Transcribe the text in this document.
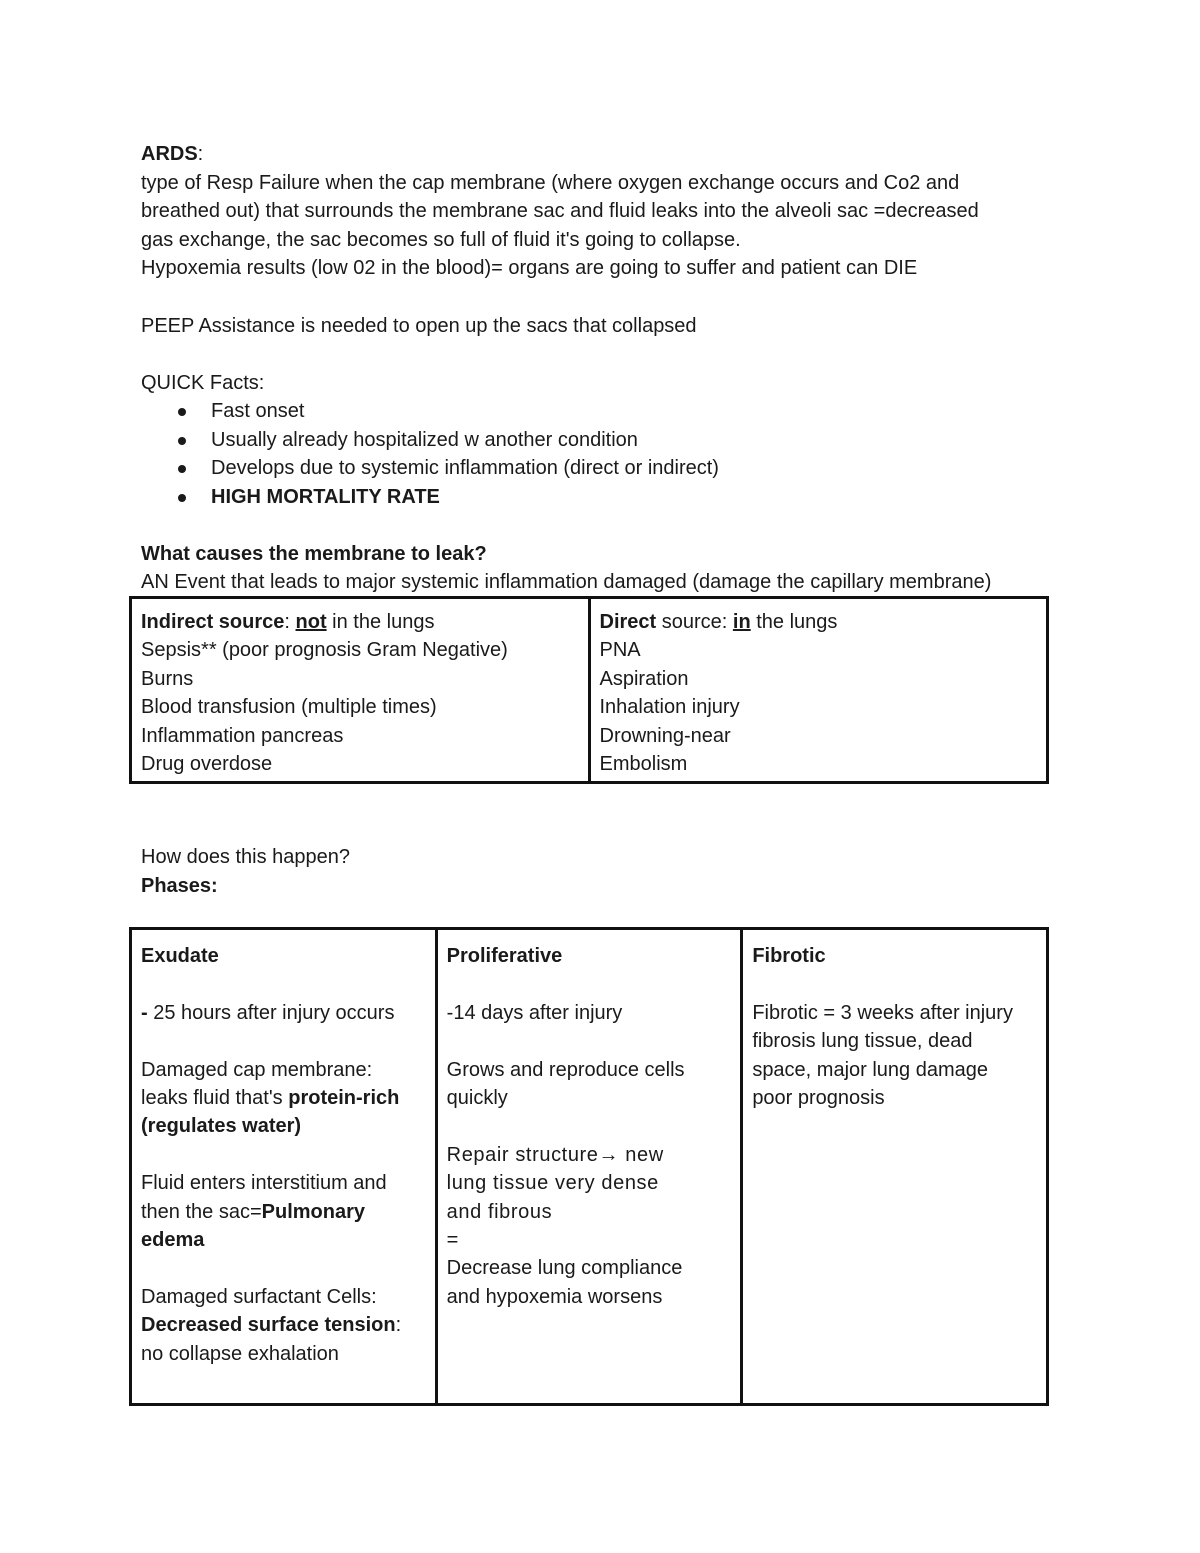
ARDS:

type of Resp Failure when the cap membrane (where oxygen exchange occurs and Co2 and

breathed out) that surrounds the membrane sac and fluid leaks into the alveoli sac =decreased

gas exchange, the sac becomes so full of fluid it's going to collapse.

Hypoxemia results (low 02 in the blood)= organs are going to suffer and patient can DIE

PEEP Assistance is needed to open up the sacs that collapsed

QUICK Facts:

Fast onset
Usually already hospitalized w another condition
Develops due to systemic inflammation (direct or indirect)
HIGH MORTALITY RATE

What causes the membrane to leak?

AN Event that leads to major systemic inflammation damaged (damage the capillary membrane)

Indirect source: not in the lungs
Sepsis** (poor prognosis Gram Negative)
Burns
Blood transfusion (multiple times)
Inflammation pancreas
Drug overdose

Direct source: in the lungs
PNA
Aspiration
Inhalation injury
Drowning-near
Embolism

How does this happen?

Phases:

Exudate
- 25 hours after injury occurs
Damaged cap membrane:
leaks fluid that's protein-rich
(regulates water)
Fluid enters interstitium and
then the sac=Pulmonary
edema
Damaged surfactant Cells:
Decreased surface tension:
no collapse exhalation

Proliferative
-14 days after injury
Grows and reproduce cells
quickly
Repair structure→ new
lung tissue very dense
and fibrous
=
Decrease lung compliance
and hypoxemia worsens

Fibrotic
Fibrotic = 3 weeks after injury
fibrosis lung tissue, dead
space, major lung damage
poor prognosis
